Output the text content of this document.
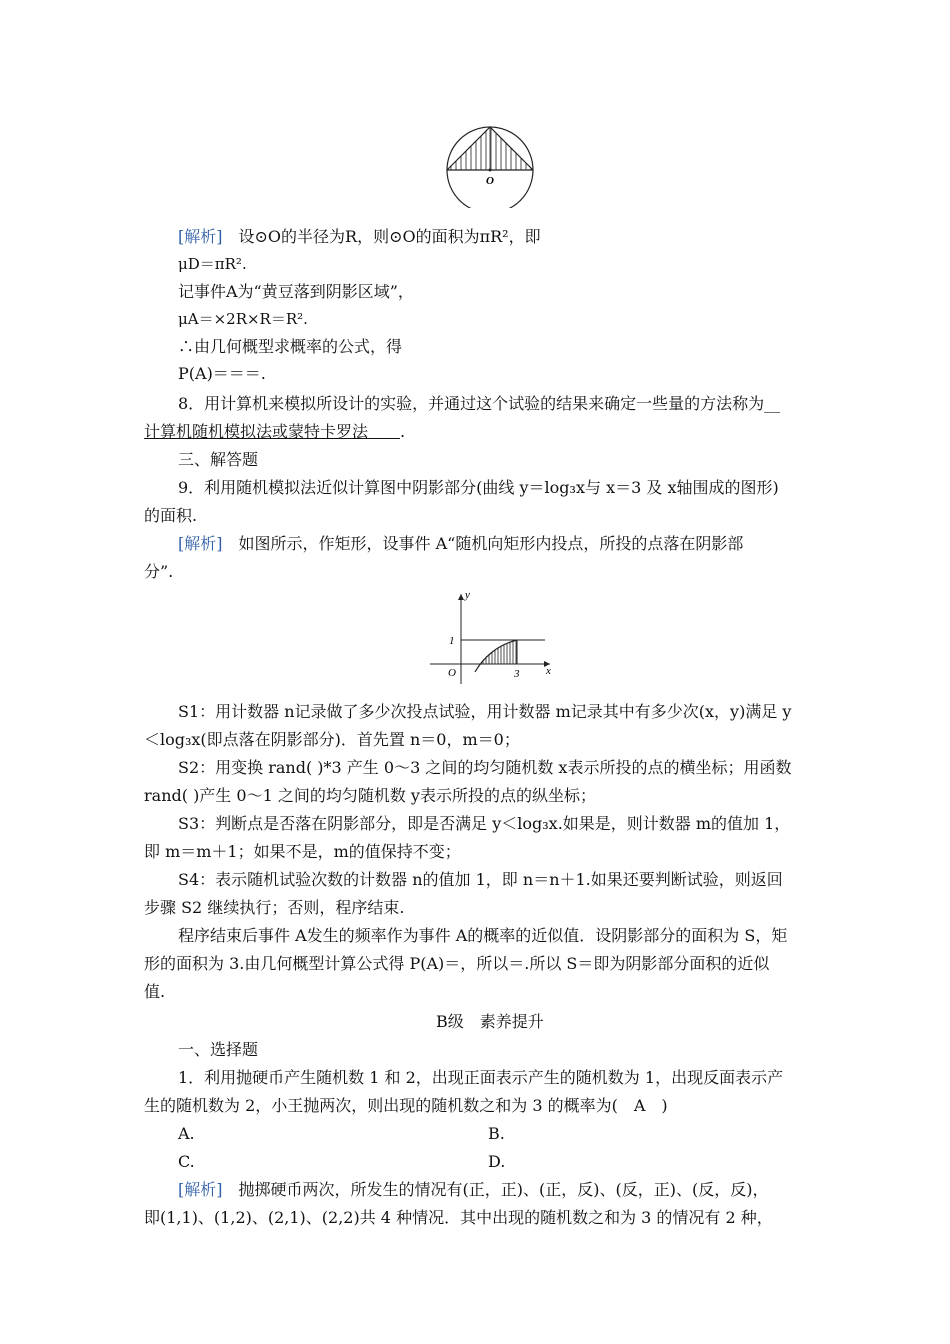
O
[解析]　 设⊙O的半径为R，则⊙O的面积为πR²，即
μD＝πR².
记事件A为“黄豆落到阴影区域”，
μA＝×2R×R＝R².
∴由几何概型求概率的公式，得
P(A)＝＝＝.
8．用计算机来模拟所设计的实验，并通过这个试验的结果来确定一些量的方法称为__
计算机随机模拟法或蒙特卡罗法　　 .
三、解答题
9．利用随机模拟法近似计算图中阴影部分(曲线 y＝log₃x与 x＝3 及 x轴围成的图形)
的面积.
[解析]　 如图所示，作矩形，设事件 A“随机向矩形内投点，所投的点落在阴影部
分”.
y
x
1
O	3
S1：用计数器 n记录做了多少次投点试验，用计数器 m记录其中有多少次(x，y)满足 y
＜log₃x(即点落在阴影部分)．首先置 n＝0，m＝0；
S2：用变换 rand( )*3 产生 0～3 之间的均匀随机数 x表示所投的点的横坐标；用函数
rand( )产生 0～1 之间的均匀随机数 y表示所投的点的纵坐标；
S3：判断点是否落在阴影部分，即是否满足 y＜log₃x.如果是，则计数器 m的值加 1，
即 m＝m＋1；如果不是，m的值保持不变；
S4：表示随机试验次数的计数器 n的值加 1，即 n＝n＋1.如果还要判断试验，则返回
步骤 S2 继续执行；否则，程序结束.
程序结束后事件 A发生的频率作为事件 A的概率的近似值．设阴影部分的面积为 S，矩
形的面积为 3.由几何概型计算公式得 P(A)＝，所以＝.所以 S＝即为阴影部分面积的近似
值.
B级　素养提升
一、选择题
1．利用抛硬币产生随机数 1 和 2，出现正面表示产生的随机数为 1，出现反面表示产
生的随机数为 2，小王抛两次，则出现的随机数之和为 3 的概率为(　A　)
A.	B.
C.	D.
[解析]　 抛掷硬币两次，所发生的情况有(正，正)、(正，反)、(反，正)、(反，反)，
即(1,1)、(1,2)、(2,1)、(2,2)共 4 种情况．其中出现的随机数之和为 3 的情况有 2 种，
